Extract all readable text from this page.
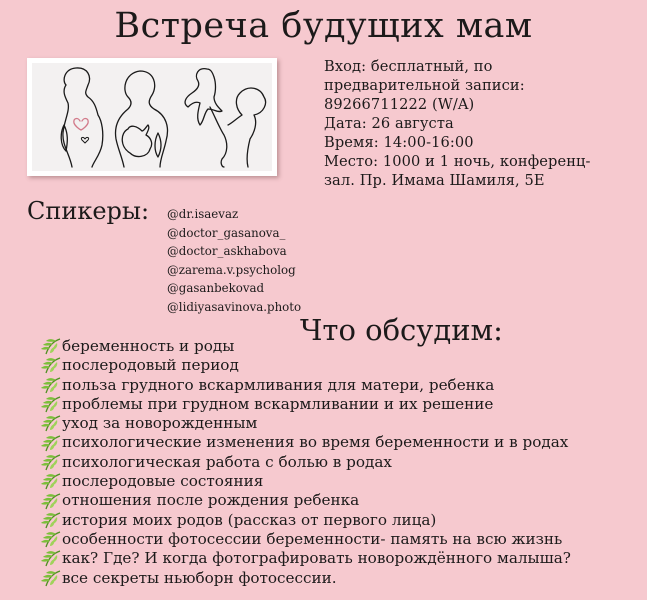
Встреча будущих мам
Вход: бесплатный, по
предварительной записи:
89266711222 (W/A)
Дата: 26 августа
Время: 14:00-16:00
Место: 1000 и 1 ночь, конференц-
зал. Пр. Имама Шамиля, 5Е
Спикеры: @dr.isaevaz
@doctor_gasanova_
@doctor_askhabova
@zarema.v.psycholog
@gasanbekovad
@lidiyasavinova.photo
Что обсудим:
беременность и роды
послеродовый период
польза грудного вскармливания для матери, ребенка
проблемы при грудном вскармливании и их решение
уход за новорожденным
психологические изменения во время беременности и в родах
психологическая работа с болью в родах
послеродовые состояния
отношения после рождения ребенка
история моих родов (рассказ от первого лица)
особенности фотосессии беременности- память на всю жизнь
как? Где? И когда фотографировать новорождённого малыша?
все секреты ньюборн фотосессии.
